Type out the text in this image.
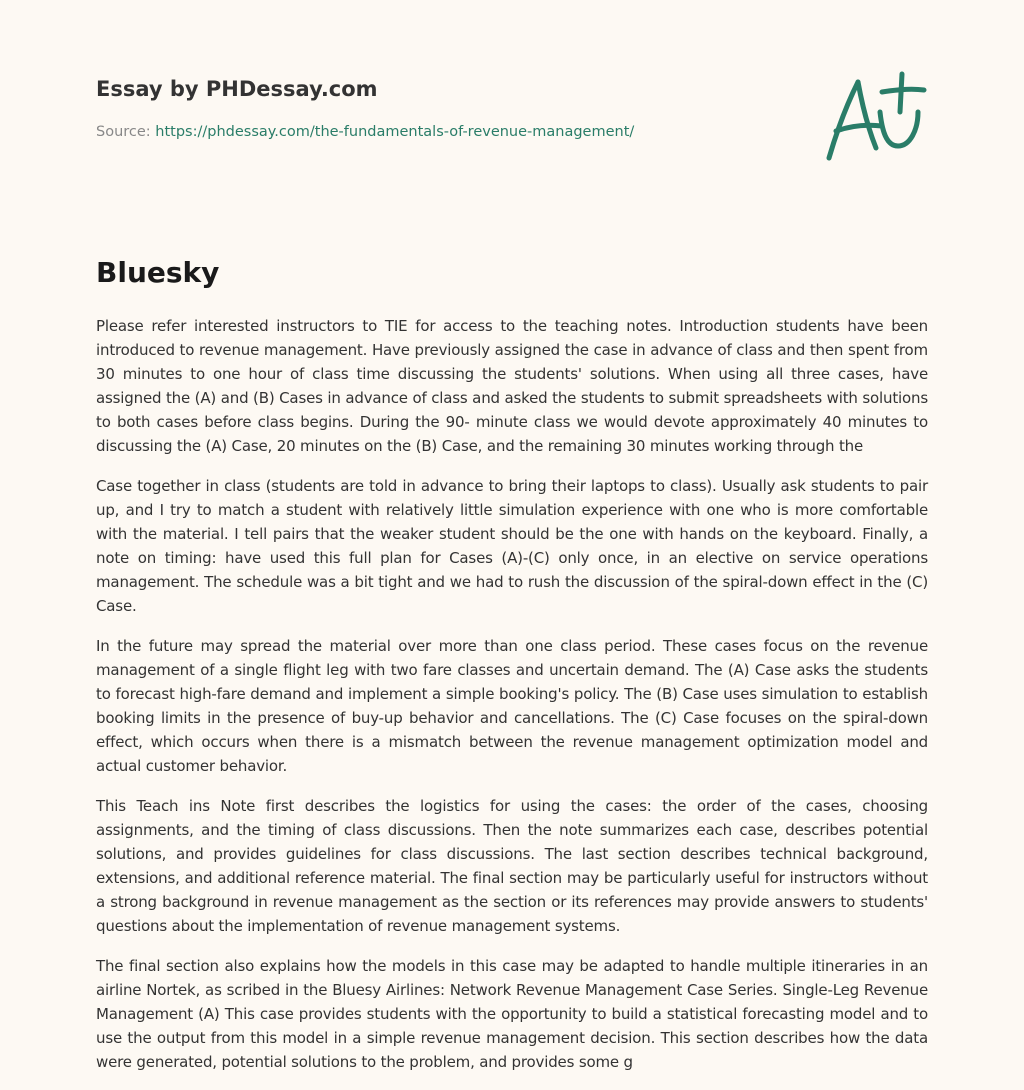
Essay by PHDessay.com
Source: https://phdessay.com/the-fundamentals-of-revenue-management/
Bluesky

Please refer interested instructors to TIE for access to the teaching notes. Introduction students have been introduced to revenue management. Have previously assigned the case in advance of class and then spent from 30 minutes to one hour of class time discussing the students' solutions. When using all three cases, have assigned the (A) and (B) Cases in advance of class and asked the students to submit spreadsheets with solutions to both cases before class begins. During the 90- minute class we would devote approximately 40 minutes to discussing the (A) Case, 20 minutes on the (B) Case, and the remaining 30 minutes working through the

Case together in class (students are told in advance to bring their laptops to class). Usually ask students to pair up, and I try to match a student with relatively little simulation experience with one who is more comfortable with the material. I tell pairs that the weaker student should be the one with hands on the keyboard. Finally, a note on timing: have used this full plan for Cases (A)-(C) only once, in an elective on service operations management. The schedule was a bit tight and we had to rush the discussion of the spiral-down effect in the (C) Case.

In the future may spread the material over more than one class period. These cases focus on the revenue management of a single flight leg with two fare classes and uncertain demand. The (A) Case asks the students to forecast high-fare demand and implement a simple booking's policy. The (B) Case uses simulation to establish booking limits in the presence of buy-up behavior and cancellations. The (C) Case focuses on the spiral-down effect, which occurs when there is a mismatch between the revenue management optimization model and actual customer behavior.

This Teach ins Note first describes the logistics for using the cases: the order of the cases, choosing assignments, and the timing of class discussions. Then the note summarizes each case, describes potential solutions, and provides guidelines for class discussions. The last section describes technical background, extensions, and additional reference material. The final section may be particularly useful for instructors without a strong background in revenue management as the section or its references may provide answers to students' questions about the implementation of revenue management systems.

The final section also explains how the models in this case may be adapted to handle multiple itineraries in an airline Nortek, as scribed in the Bluesy Airlines: Network Revenue Management Case Series. Single-Leg Revenue Management (A) This case provides students with the opportunity to build a statistical forecasting model and to use the output from this model in a simple revenue management decision. This section describes how the data were generated, potential solutions to the problem, and provides some g
